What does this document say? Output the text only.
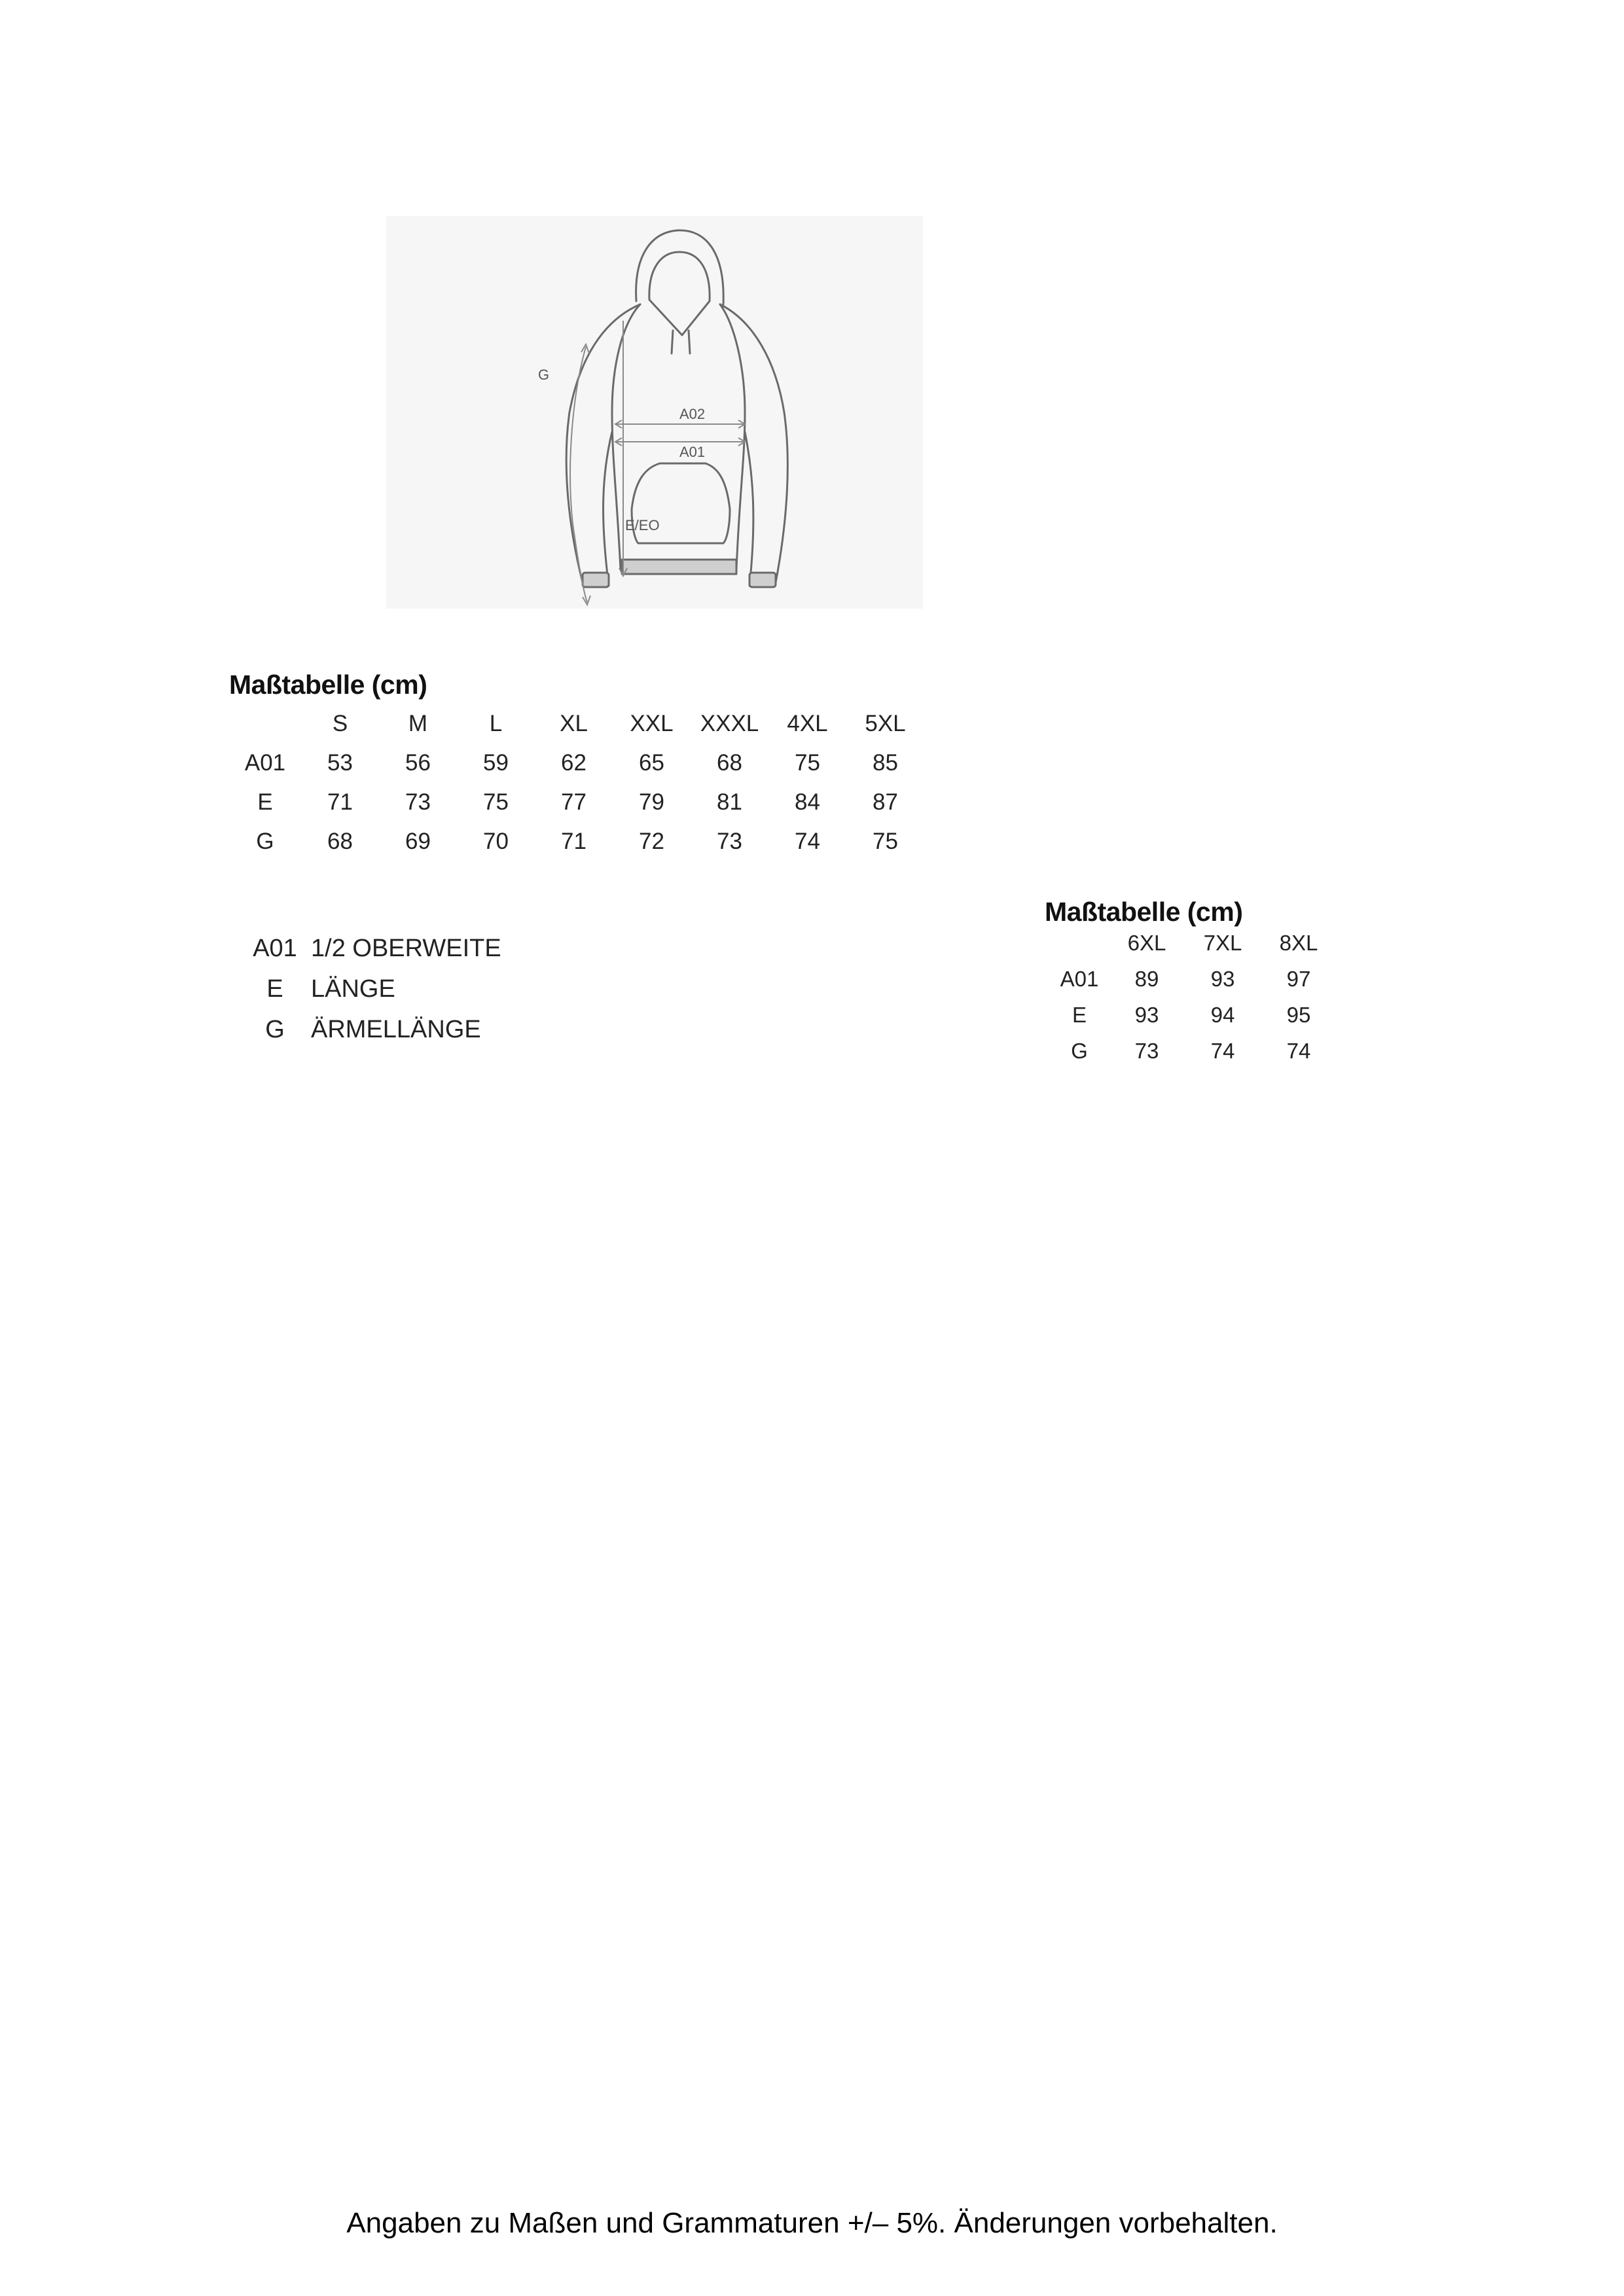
G
A02
A01
E/EO
Maßtabelle (cm)
	S	M	L	XL	XXL	XXXL	4XL	5XL
A01	53	56	59	62	65	68	75	85
E	71	73	75	77	79	81	84	87
G	68	69	70	71	72	73	74	75
A01 1/2 OBERWEITE
E	LÄNGE
G	ÄRMELLÄNGE
Maßtabelle (cm)
	6XL	7XL	8XL
A01	89	93	97
E	93	94	95
G	73	74	74
Angaben zu Maßen und Grammaturen +/– 5%. Änderungen vorbehalten.
